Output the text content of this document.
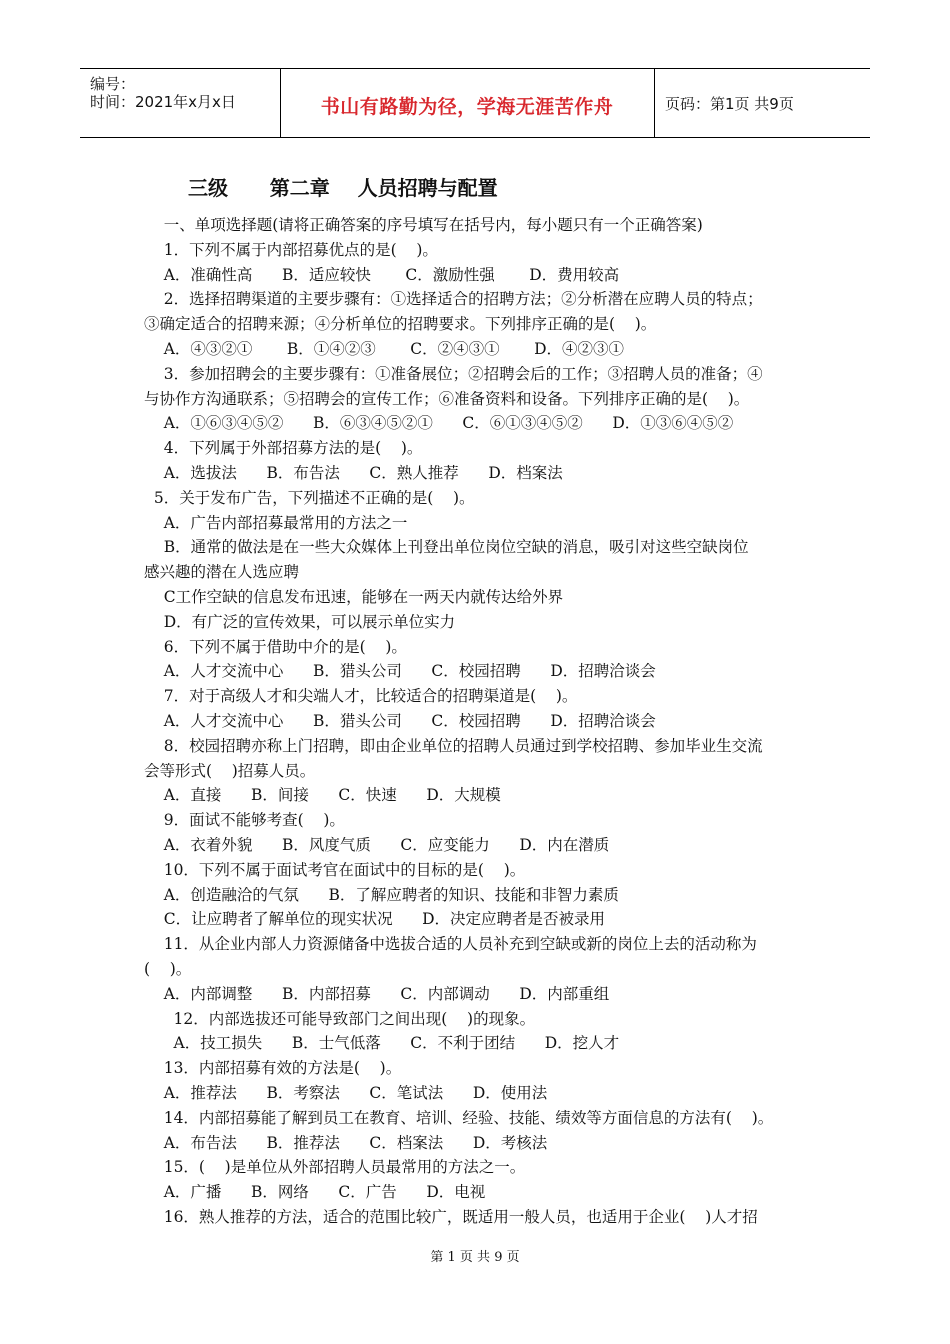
编号：
时间：2021年x月x日	书山有路勤为径，学海无涯苦作舟	页码：第1页 共9页
三级      第二章    人员招聘与配置
一、单项选择题(请将正确答案的序号填写在括号内，每小题只有一个正确答案)
1．下列不属于内部招募优点的是(    )。
A．准确性高      B．适应较快       C．激励性强       D．费用较高
2．选择招聘渠道的主要步骤有：①选择适合的招聘方法；②分析潜在应聘人员的特点；
③确定适合的招聘来源；④分析单位的招聘要求。下列排序正确的是(    )。
A．④③②①       B．①④②③       C．②④③①       D．④②③①
3．参加招聘会的主要步骤有：①准备展位；②招聘会后的工作；③招聘人员的准备；④
与协作方沟通联系；⑤招聘会的宣传工作；⑥准备资料和设备。下列排序正确的是(    )。
A．①⑥③④⑤②      B．⑥③④⑤②①      C．⑥①③④⑤②      D．①③⑥④⑤②
4．下列属于外部招募方法的是(    )。
A．选拔法      B．布告法      C．熟人推荐      D．档案法
5．关于发布广告，下列描述不正确的是(    )。
A．广告内部招募最常用的方法之一
B．通常的做法是在一些大众媒体上刊登出单位岗位空缺的消息，吸引对这些空缺岗位
感兴趣的潜在人选应聘
C工作空缺的信息发布迅速，能够在一两天内就传达给外界
D．有广泛的宣传效果，可以展示单位实力
6．下列不属于借助中介的是(    )。
A．人才交流中心      B．猎头公司      C．校园招聘      D．招聘洽谈会
7．对于高级人才和尖端人才，比较适合的招聘渠道是(    )。
A．人才交流中心      B．猎头公司      C．校园招聘      D．招聘洽谈会
8．校园招聘亦称上门招聘，即由企业单位的招聘人员通过到学校招聘、参加毕业生交流
会等形式(    )招募人员。
A．直接      B．间接      C．快速      D．大规模
9．面试不能够考查(    )。
A．衣着外貌      B．风度气质      C．应变能力      D．内在潜质
10．下列不属于面试考官在面试中的目标的是(    )。
A．创造融洽的气氛      B．了解应聘者的知识、技能和非智力素质
C．让应聘者了解单位的现实状况      D．决定应聘者是否被录用
11．从企业内部人力资源储备中选拔合适的人员补充到空缺或新的岗位上去的活动称为
(    )。
A．内部调整      B．内部招募      C．内部调动      D．内部重组
12．内部选拔还可能导致部门之间出现(    )的现象。
A．技工损失      B．士气低落      C．不利于团结      D．挖人才
13．内部招募有效的方法是(    )。
A．推荐法      B．考察法      C．笔试法      D．使用法
14．内部招募能了解到员工在教育、培训、经验、技能、绩效等方面信息的方法有(    )。
A．布告法      B．推荐法      C．档案法      D．考核法
15．(    )是单位从外部招聘人员最常用的方法之一。
A．广播      B．网络      C．广告      D．电视
16．熟人推荐的方法，适合的范围比较广，既适用一般人员，也适用于企业(    )人才招
第 1 页 共 9 页
